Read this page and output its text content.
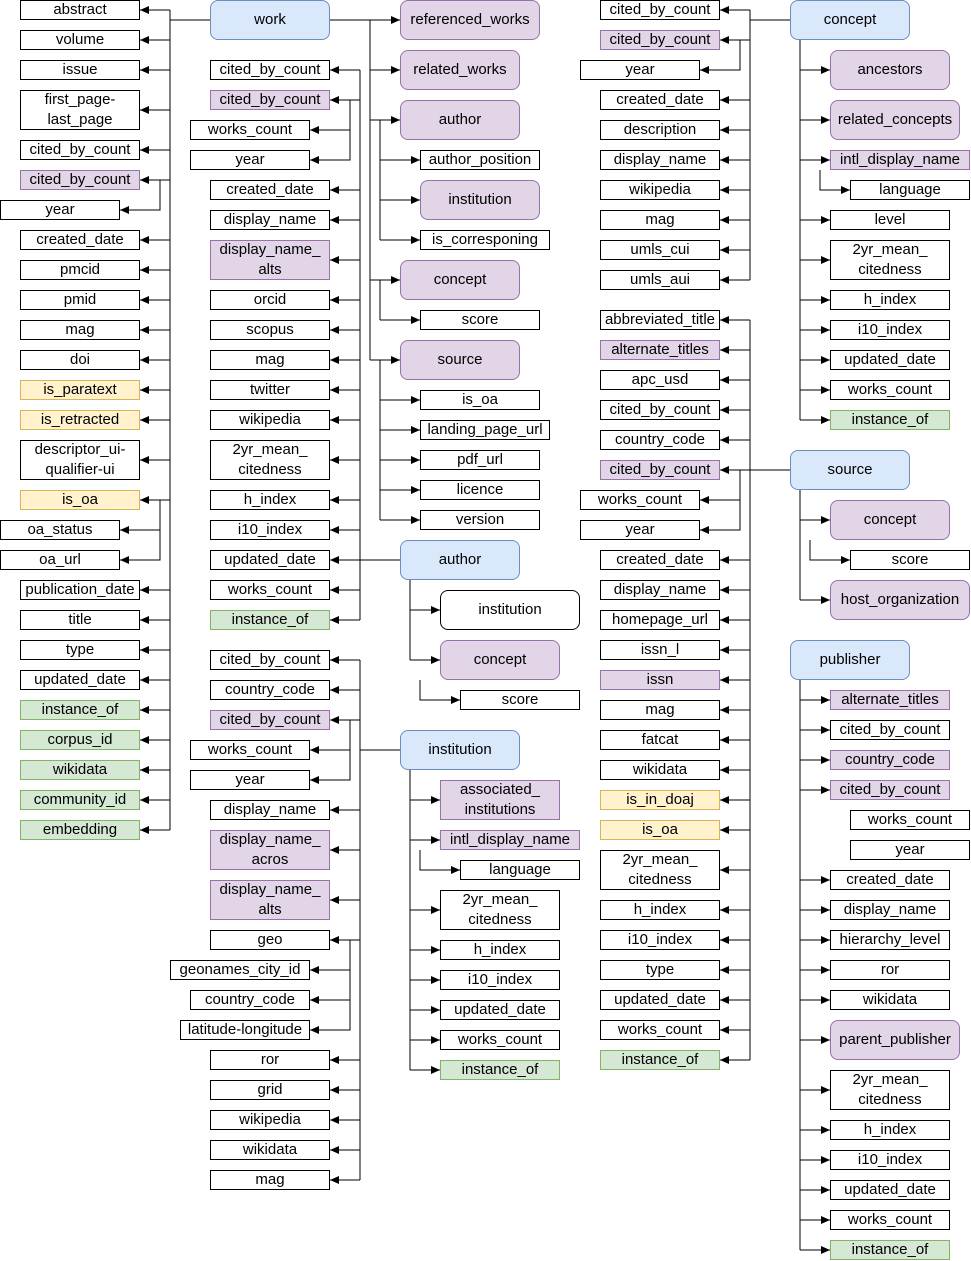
work
abstract
volume
issue
first_page-
last_page
cited_by_count
cited_by_count
year
created_date
pmcid
pmid
mag
doi
is_paratext
is_retracted
descriptor_ui-
qualifier-ui
is_oa
oa_status
oa_url
publication_date
title
type
updated_date
instance_of
corpus_id
wikidata
community_id
embedding
referenced_works
related_works
author
author_position
institution
is_corresponing
concept
score
source
is_oa
landing_page_url
pdf_url
licence
version
author
cited_by_count
cited_by_count
works_count
year
created_date
display_name
display_name_
alts
orcid
scopus
mag
twitter
wikipedia
2yr_mean_
citedness
h_index
i10_index
updated_date
works_count
instance_of
institution
concept
score
institution
cited_by_count
country_code
cited_by_count
works_count
year
display_name
display_name_
acros
display_name_
alts
geo
geonames_city_id
country_code
latitude-longitude
ror
grid
wikipedia
wikidata
mag
associated_
institutions
intl_display_name
language
2yr_mean_
citedness
h_index
i10_index
updated_date
works_count
instance_of
concept
cited_by_count
cited_by_count
year
created_date
description
display_name
wikipedia
mag
umls_cui
umls_aui
ancestors
related_concepts
intl_display_name
language
level
2yr_mean_
citedness
h_index
i10_index
updated_date
works_count
instance_of
source
abbreviated_title
alternate_titles
apc_usd
cited_by_count
country_code
cited_by_count
works_count
year
created_date
display_name
homepage_url
issn_l
issn
mag
fatcat
wikidata
is_in_doaj
is_oa
2yr_mean_
citedness
h_index
i10_index
type
updated_date
works_count
instance_of
concept
score
host_organization
publisher
alternate_titles
cited_by_count
country_code
cited_by_count
works_count
year
created_date
display_name
hierarchy_level
ror
wikidata
parent_publisher
2yr_mean_
citedness
h_index
i10_index
updated_date
works_count
instance_of
